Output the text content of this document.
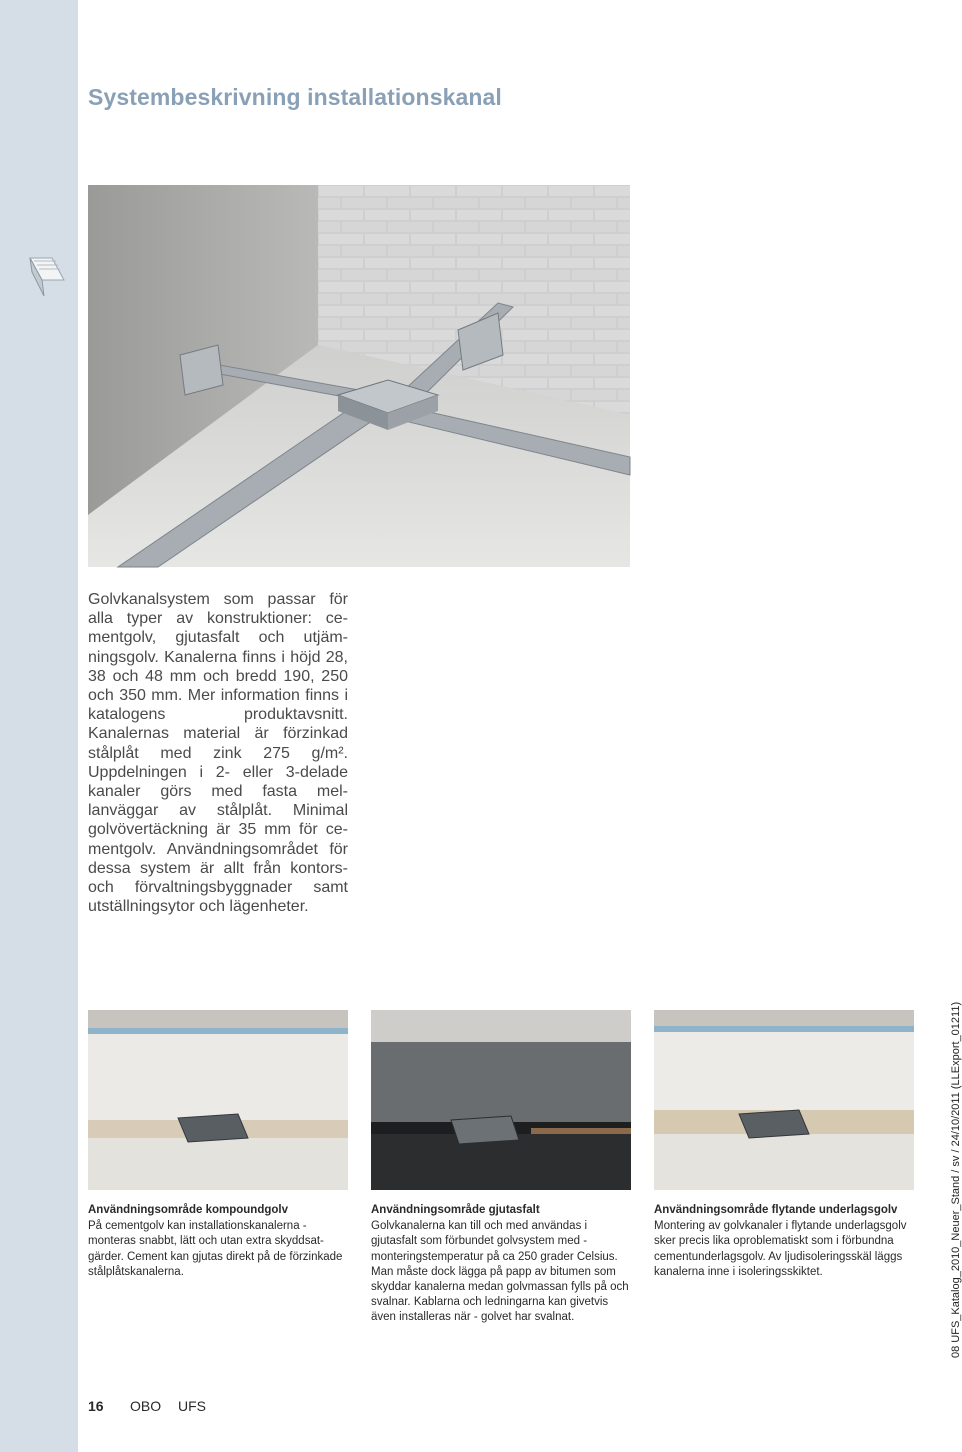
Systembeskrivning installationskanal
Golvkanalsystem som passar för alla typer av konstruktioner: cementgolv, gjutasfalt och utjämningsgolv. Kanalerna finns i höjd 28, 38 och 48 mm och bredd 190, 250 och 350 mm. Mer information finns i katalogens produktavsnitt. Kanalernas material är förzinkad stålplåt med zink 275 g/m². Uppdelningen i 2- eller 3-delade kanaler görs med fasta mellanväggar av stålplåt. Minimal golvövertäckning är 35 mm för cementgolv. Användningsområdet för dessa system är allt från kontors- och förvaltningsbyggnader samt utställningsytor och lägenheter.
Användningsområde kompoundgolv
På cementgolv kan installationskanalerna - monteras snabbt, lätt och utan extra skyddsatgärder. Cement kan gjutas direkt på de förzinkade stålplåtskanalerna.
Användningsområde gjutasfalt
Golvkanalerna kan till och med användas i gjutasfalt som förbundet golvsystem med - monteringstemperatur på ca 250 grader Celsius. Man måste dock lägga på papp av bitumen som skyddar kanalerna medan golvmassan fylls på och svalnar. Kablarna och ledningarna kan givetvis även installeras när - golvet har svalnat.
Användningsområde flytande underlagsgolv
Montering av golvkanaler i flytande underlagsgolv sker precis lika oproblematiskt som i förbundna cementunderlagsgolv. Av ljudisoleringsskäl läggs kanalerna inne i isoleringsskiktet.	08 UFS_Katalog_2010_Neuer_Stand / sv / 24/10/2011 (LLExport_01211)
16 OBO UFS
